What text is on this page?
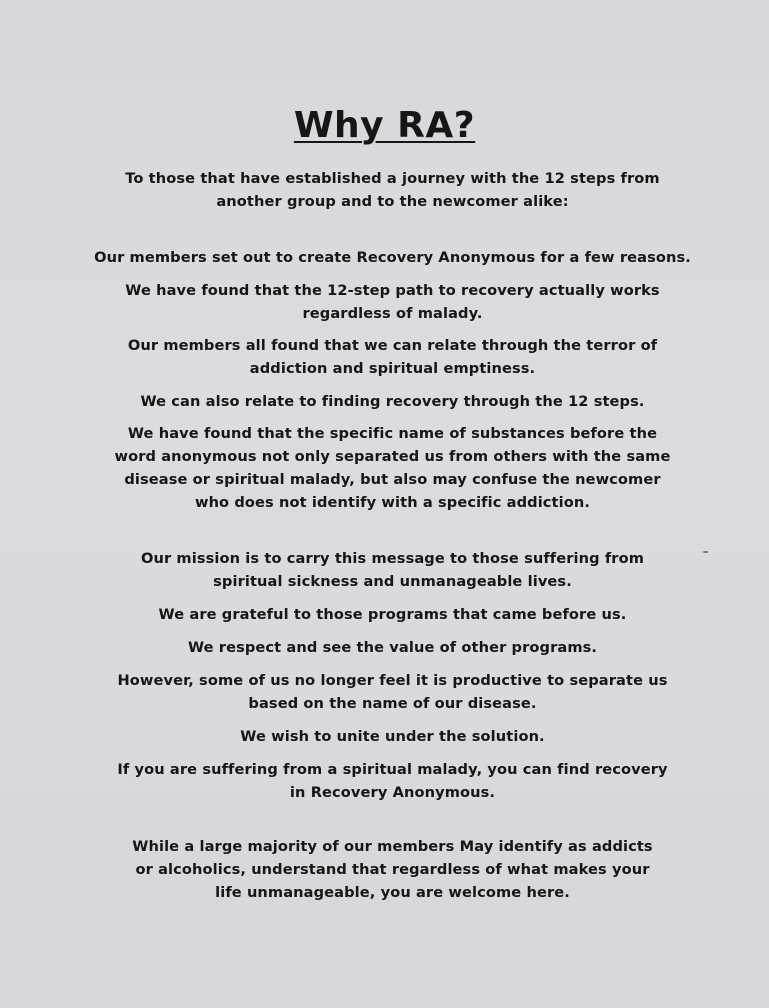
Why RA?

To those that have established a journey with the 12 steps from another group and to the newcomer alike:

Our members set out to create Recovery Anonymous for a few reasons.

We have found that the 12-step path to recovery actually works regardless of malady.

Our members all found that we can relate through the terror of addiction and spiritual emptiness.

We can also relate to finding recovery through the 12 steps.

We have found that the specific name of substances before the word anonymous not only separated us from others with the same disease or spiritual malady, but also may confuse the newcomer who does not identify with a specific addiction.

Our mission is to carry this message to those suffering from spiritual sickness and unmanageable lives.

We are grateful to those programs that came before us.

We respect and see the value of other programs.

However, some of us no longer feel it is productive to separate us based on the name of our disease.

We wish to unite under the solution.

If you are suffering from a spiritual malady, you can find recovery in Recovery Anonymous.

While a large majority of our members May identify as addicts or alcoholics, understand that regardless of what makes your life unmanageable, you are welcome here.
